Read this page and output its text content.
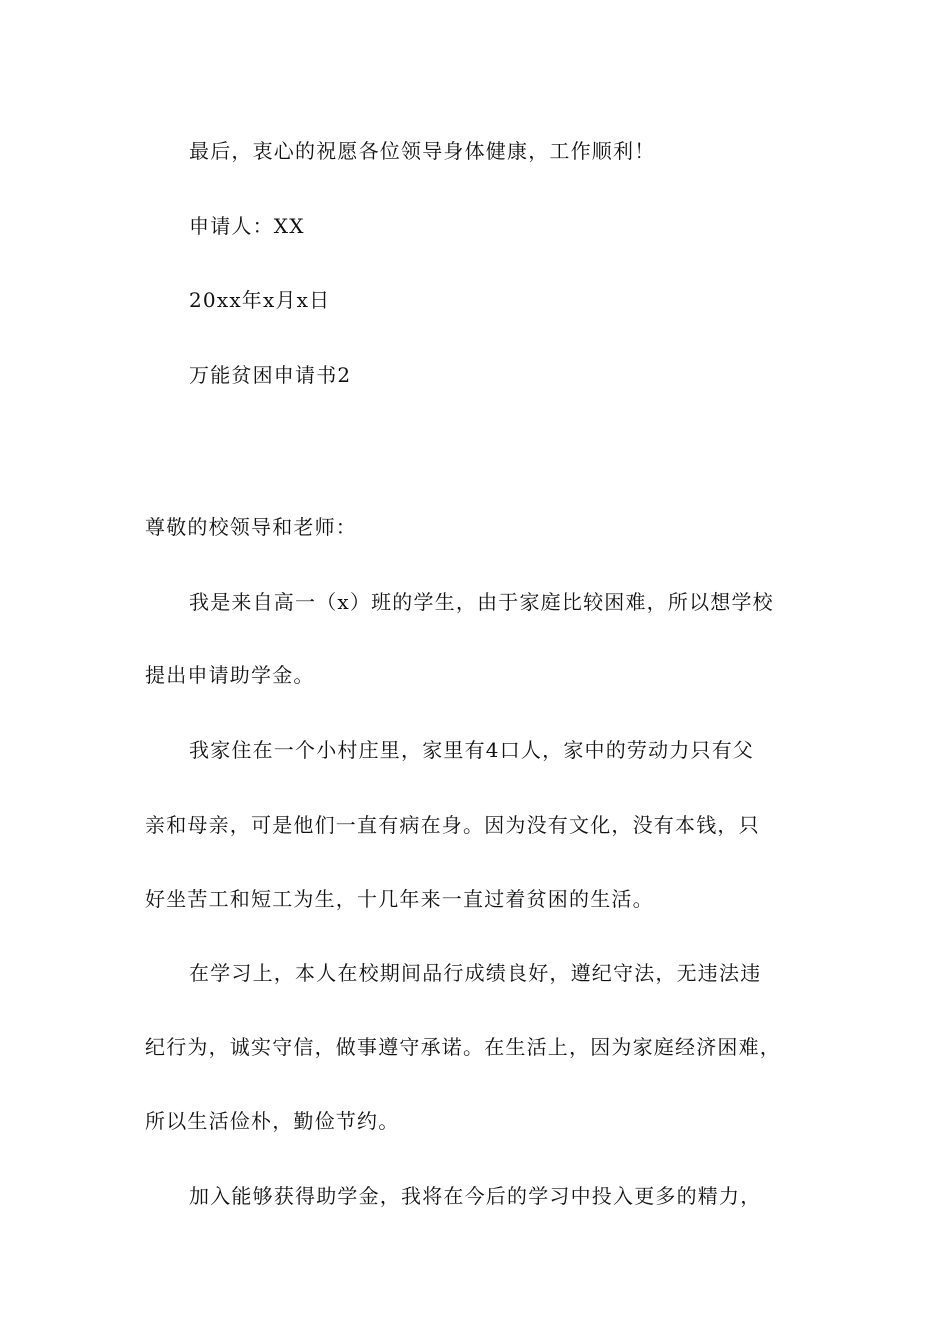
最后，衷心的祝愿各位领导身体健康，工作顺利！
申请人：XX
20xx年x月x日
万能贫困申请书2
尊敬的校领导和老师：
我是来自高一（x）班的学生，由于家庭比较困难，所以想学校
提出申请助学金。
我家住在一个小村庄里，家里有4口人，家中的劳动力只有父
亲和母亲，可是他们一直有病在身。因为没有文化，没有本钱，只
好坐苦工和短工为生，十几年来一直过着贫困的生活。
在学习上，本人在校期间品行成绩良好，遵纪守法，无违法违
纪行为，诚实守信，做事遵守承诺。在生活上，因为家庭经济困难，
所以生活俭朴，勤俭节约。
加入能够获得助学金，我将在今后的学习中投入更多的精力，
